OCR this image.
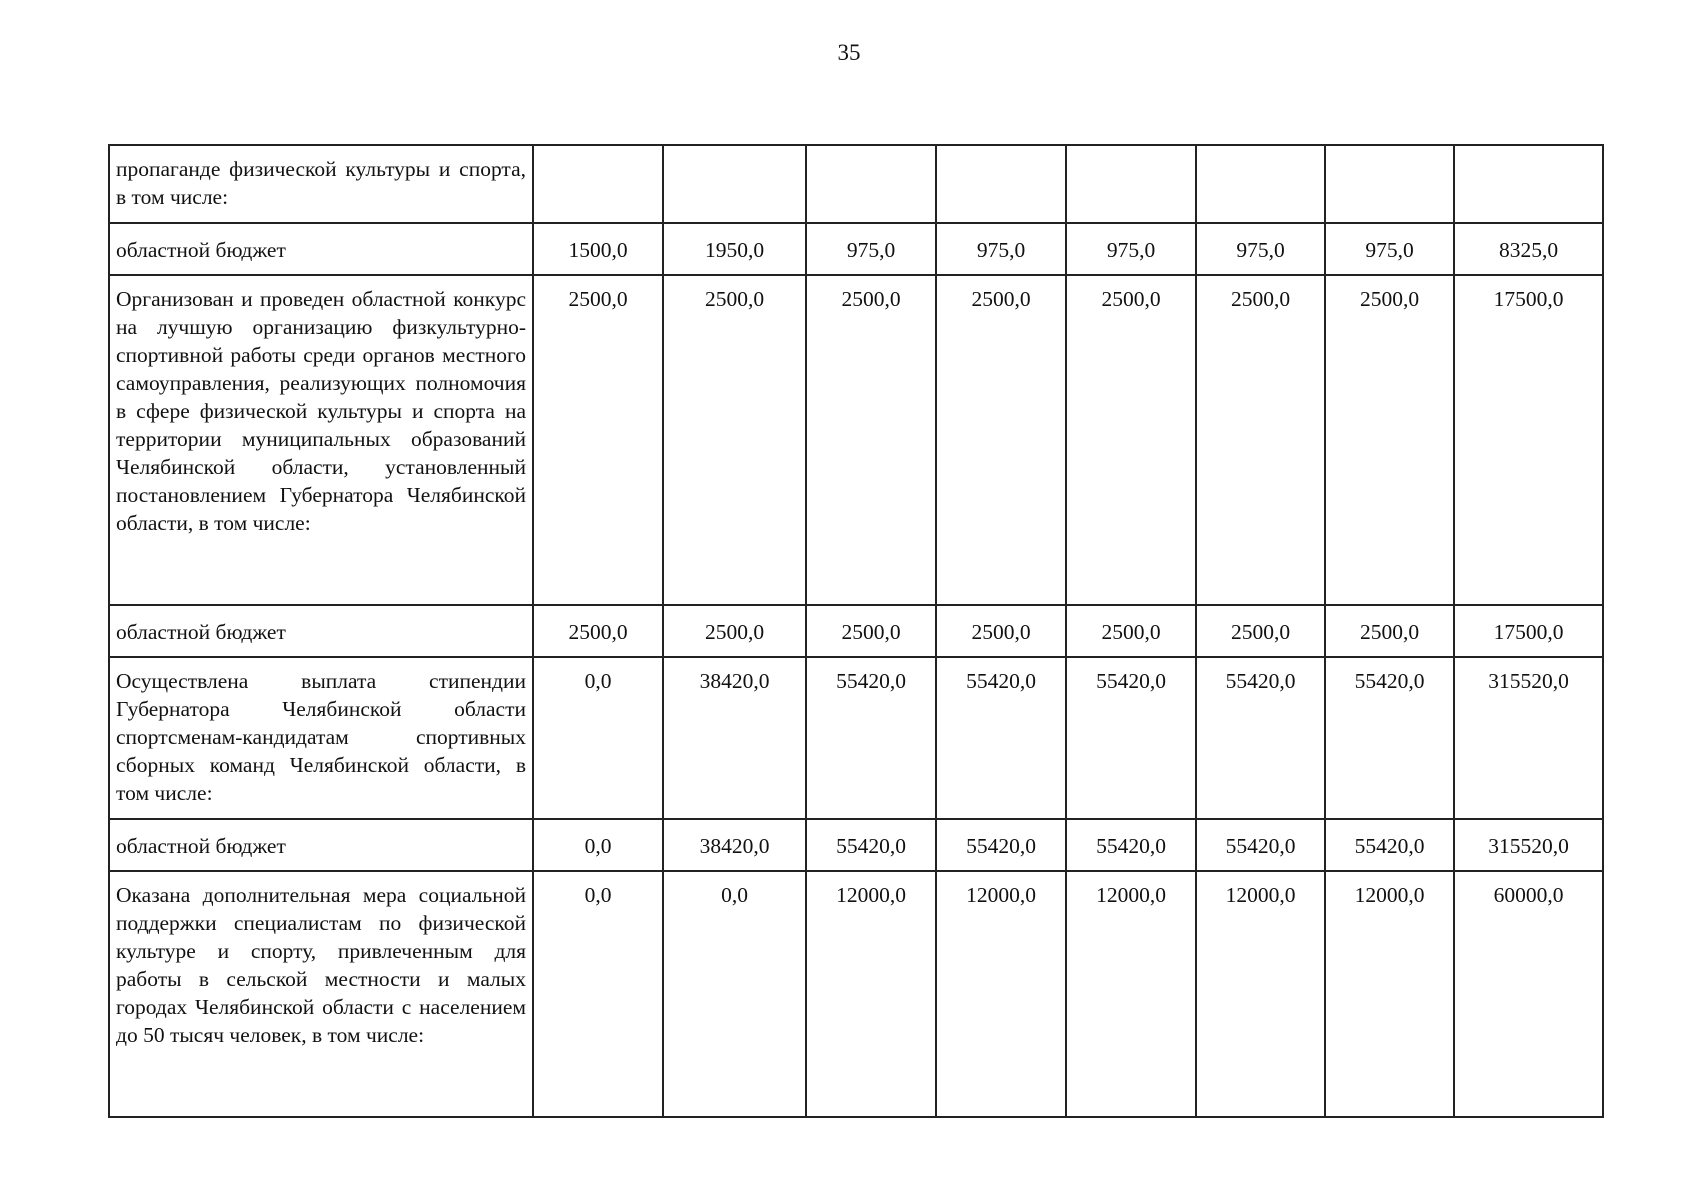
35
пропаганде физической культуры и спорта, в том числе:								
областной бюджет	1500,0	1950,0	975,0	975,0	975,0	975,0	975,0	8325,0
Организован и проведен областной конкурс на лучшую организацию физкультурно-спортивной работы среди органов местного самоуправления, реализующих полномочия в сфере физической культуры и спорта на территории муниципальных образований Челябинской области, установленный постановлением Губернатора Челябинской области, в том числе:	2500,0	2500,0	2500,0	2500,0	2500,0	2500,0	2500,0	17500,0
областной бюджет	2500,0	2500,0	2500,0	2500,0	2500,0	2500,0	2500,0	17500,0
Осуществлена выплата стипендии Губернатора Челябинской области спортсменам-кандидатам спортивных сборных команд Челябинской области, в том числе:	0,0	38420,0	55420,0	55420,0	55420,0	55420,0	55420,0	315520,0
областной бюджет	0,0	38420,0	55420,0	55420,0	55420,0	55420,0	55420,0	315520,0
Оказана дополнительная мера социальной поддержки специалистам по физической культуре и спорту, привлеченным для работы в сельской местности и малых городах Челябинской области с населением до 50 тысяч человек, в том числе:	0,0	0,0	12000,0	12000,0	12000,0	12000,0	12000,0	60000,0
